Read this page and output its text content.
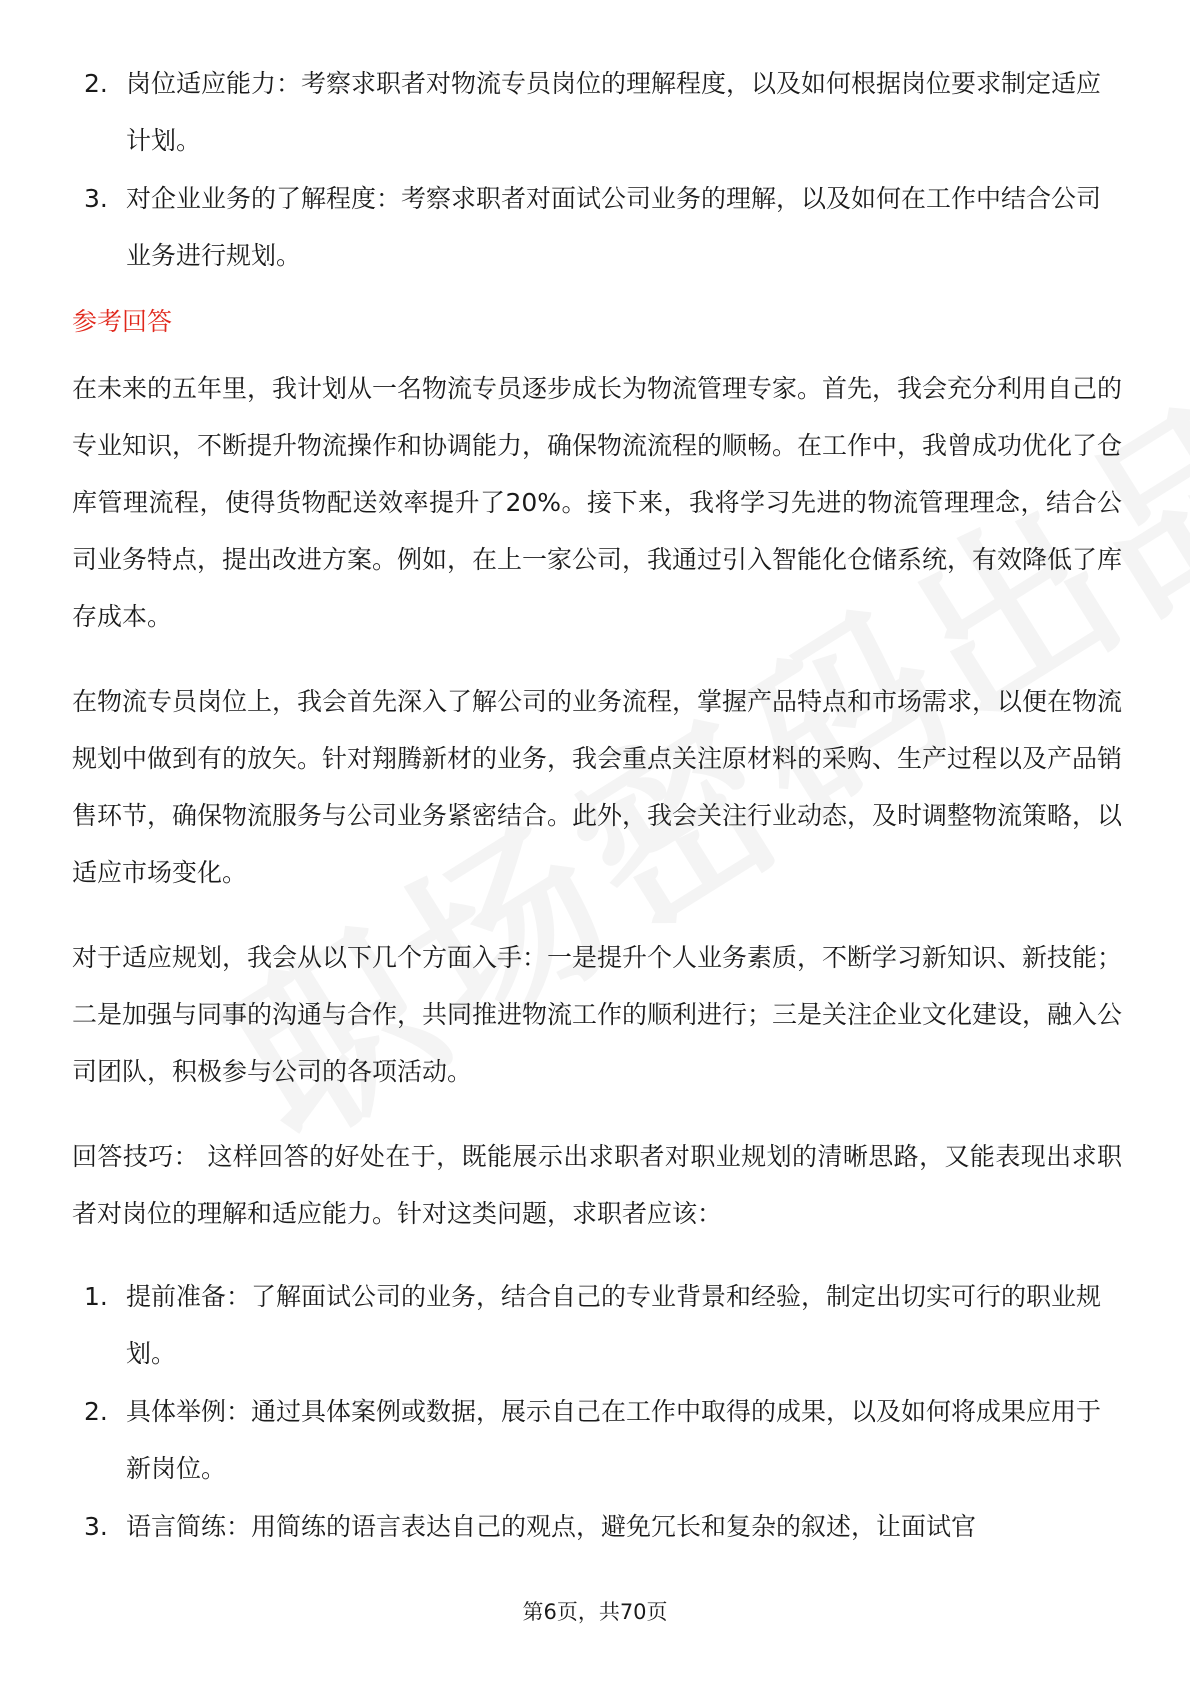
2. 岗位适应能力：考察求职者对物流专员岗位的理解程度，以及如何根据岗位要求制定适应计划。
3. 对企业业务的了解程度：考察求职者对面试公司业务的理解，以及如何在工作中结合公司业务进行规划。
参考回答

在未来的五年里，我计划从一名物流专员逐步成长为物流管理专家。首先，我会充分利用自己的专业知识，不断提升物流操作和协调能力，确保物流流程的顺畅。在工作中，我曾成功优化了仓库管理流程，使得货物配送效率提升了20%。接下来，我将学习先进的物流管理理念，结合公司业务特点，提出改进方案。例如，在上一家公司，我通过引入智能化仓储系统，有效降低了库存成本。

在物流专员岗位上，我会首先深入了解公司的业务流程，掌握产品特点和市场需求，以便在物流规划中做到有的放矢。针对翔腾新材的业务，我会重点关注原材料的采购、生产过程以及产品销售环节，确保物流服务与公司业务紧密结合。此外，我会关注行业动态，及时调整物流策略，以适应市场变化。

对于适应规划，我会从以下几个方面入手：一是提升个人业务素质，不断学习新知识、新技能；二是加强与同事的沟通与合作，共同推进物流工作的顺利进行；三是关注企业文化建设，融入公司团队，积极参与公司的各项活动。

回答技巧： 这样回答的好处在于，既能展示出求职者对职业规划的清晰思路，又能表现出求职者对岗位的理解和适应能力。针对这类问题，求职者应该：

1. 提前准备：了解面试公司的业务，结合自己的专业背景和经验，制定出切实可行的职业规划。
2. 具体举例：通过具体案例或数据，展示自己在工作中取得的成果，以及如何将成果应用于新岗位。
3. 语言简练：用简练的语言表达自己的观点，避免冗长和复杂的叙述，让面试官
第6页，共70页
